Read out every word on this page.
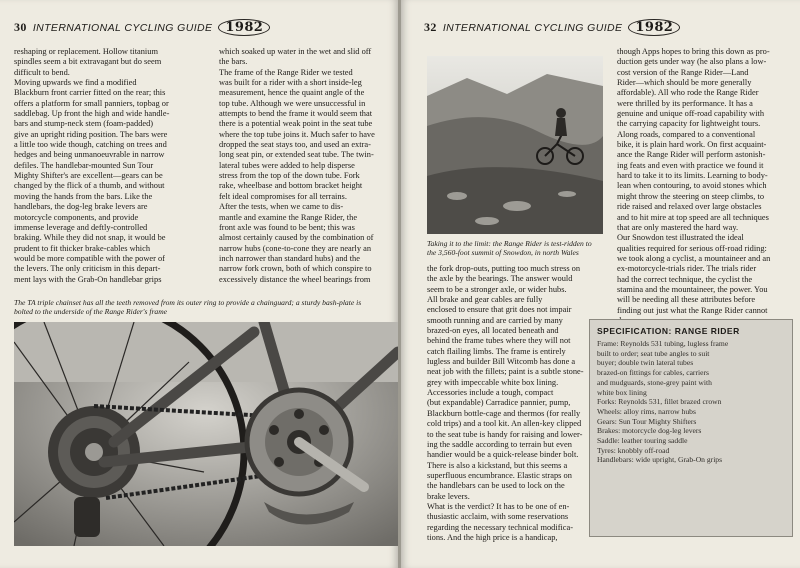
30 INTERNATIONAL CYCLING GUIDE	1982
reshaping or replacement. Hollow titanium
spindles seem a bit extravagant but do seem
difficult to bend.
Moving upwards we find a modified
Blackburn front carrier fitted on the rear; this
offers a platform for small panniers, topbag or
saddlebag. Up front the high and wide handle-
bars and stump-neck stem (foam-padded)
give an upright riding position. The bars were
a little too wide though, catching on trees and
hedges and being unmanoeuvrable in narrow
defiles. The handlebar-mounted Sun Tour
Mighty Shifter's are excellent—gears can be
changed by the flick of a thumb, and without
moving the hands from the bars. Like the
handlebars, the dog-leg brake levers are
motorcycle components, and provide
immense leverage and deftly-controlled
braking. While they did not snap, it would be
prudent to fit thicker brake-cables which
would be more compatible with the power of
the levers. The only criticism in this depart-
ment lays with the Grab-On handlebar grips
which soaked up water in the wet and slid off
the bars.
The frame of the Range Rider we tested
was built for a rider with a short inside-leg
measurement, hence the quaint angle of the
top tube. Although we were unsuccessful in
attempts to bend the frame it would seem that
there is a potential weak point in the seat tube
where the top tube joins it. Much safer to have
dropped the seat stays too, and used an extra-
long seat pin, or extended seat tube. The twin-
lateral tubes were added to help disperse
stress from the top of the down tube. Fork
rake, wheelbase and bottom bracket height
felt ideal compromises for all terrains.
After the tests, when we came to dis-
mantle and examine the Range Rider, the
front axle was found to be bent; this was
almost certainly caused by the combination of
narrow hubs (cone-to-cone they are nearly an
inch narrower than standard hubs) and the
narrow fork crown, both of which conspire to
excessively distance the wheel bearings from
The TA triple chainset has all the teeth removed from its outer ring to provide a chainguard; a sturdy bash-plate is
bolted to the underside of the Range Rider's frame
32 INTERNATIONAL CYCLING GUIDE	1982
Taking it to the limit: the Range Rider is test-ridden to
the 3,560-foot summit of Snowdon, in north Wales
the fork drop-outs, putting too much stress on
the axle by the bearings. The answer would
seem to be a stronger axle, or wider hubs.
All brake and gear cables are fully
enclosed to ensure that grit does not impair
smooth running and are carried by many
brazed-on eyes, all located beneath and
behind the frame tubes where they will not
catch flailing limbs. The frame is entirely
lugless and builder Bill Witcomb has done a
neat job with the fillets; paint is a subtle stone-
grey with impeccable white box lining.
Accessories include a tough, compact
(but expandable) Carradice pannier, pump,
Blackburn bottle-cage and thermos (for really
cold trips) and a tool kit. An allen-key clipped
to the seat tube is handy for raising and lower-
ing the saddle according to terrain but even
handier would be a quick-release binder bolt.
There is also a kickstand, but this seems a
superfluous encumbrance. Elastic straps on
the handlebars can be used to lock on the
brake levers.
What is the verdict? It has to be one of en-
thusiastic acclaim, with some reservations
regarding the necessary technical modifica-
tions. And the high price is a handicap,
though Apps hopes to bring this down as pro-
duction gets under way (he also plans a low-
cost version of the Range Rider—Land
Rider—which should be more generally
affordable). All who rode the Range Rider
were thrilled by its performance. It has a
genuine and unique off-road capability with
the carrying capacity for lightweight tours.
Along roads, compared to a conventional
bike, it is plain hard work. On first acquaint-
ance the Range Rider will perform astonish-
ing feats and even with practice we found it
hard to take it to its limits. Learning to body-
lean when contouring, to avoid stones which
might throw the steering on steep climbs, to
ride raised and relaxed over large obstacles
and to hit mire at top speed are all techniques
that are only mastered the hard way.
Our Snowdon test illustrated the ideal
qualities required for serious off-road riding:
we took along a cyclist, a mountaineer and an
ex-motorcycle-trials rider. The trials rider
had the correct technique, the cyclist the
stamina and the mountaineer, the power. You
will be needing all these attributes before
finding out just what the Range Rider cannot

SPECIFICATION: RANGE RIDER
Frame: Reynolds 531 tubing, lugless frame
built to order; seat tube angles to suit
buyer; double twin lateral tubes
brazed-on fittings for cables, carriers
and mudguards, stone-grey paint with
white box lining
Forks: Reynolds 531, fillet brazed crown
Wheels: alloy rims, narrow hubs
Gears: Sun Tour Mighty Shifters
Brakes: motorcycle dog-leg levers
Saddle: leather touring saddle
Tyres: knobbly off-road
Handlebars: wide upright, Grab-On grips
